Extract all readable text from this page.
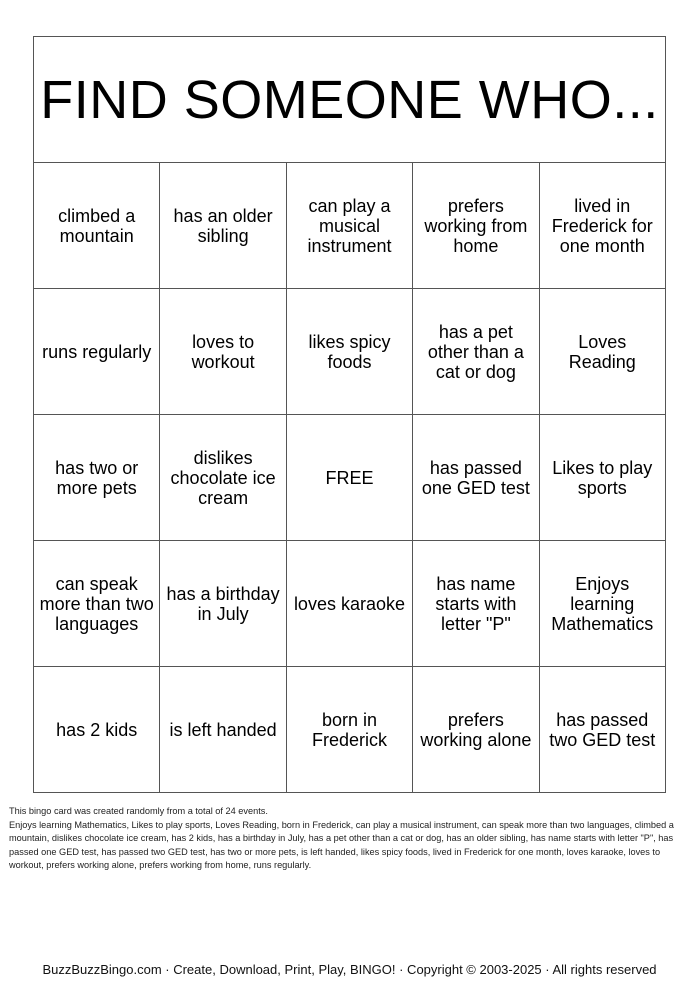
FIND SOMEONE WHO...				
climbed a mountain	has an older sibling	can play a musical instrument	prefers working from home	lived in Frederick for one month
runs regularly	loves to workout	likes spicy foods	has a pet other than a cat or dog	Loves Reading
has two or more pets	dislikes chocolate ice cream	FREE	has passed one GED test	Likes to play sports
can speak more than two languages	has a birthday in July	loves karaoke	has name starts with letter "P"	Enjoys learning Mathematics
has 2 kids	is left handed	born in Frederick	prefers working alone	has passed two GED test
This bingo card was created randomly from a total of 24 events.
Enjoys learning Mathematics, Likes to play sports, Loves Reading, born in Frederick, can play a musical instrument, can speak more than two languages, climbed a mountain, dislikes chocolate ice cream, has 2 kids, has a birthday in July, has a pet other than a cat or dog, has an older sibling, has name starts with letter "P", has passed one GED test, has passed two GED test, has two or more pets, is left handed, likes spicy foods, lived in Frederick for one month, loves karaoke, loves to workout, prefers working alone, prefers working from home, runs regularly.
BuzzBuzzBingo.com · Create, Download, Print, Play, BINGO! · Copyright © 2003-2025 · All rights reserved
